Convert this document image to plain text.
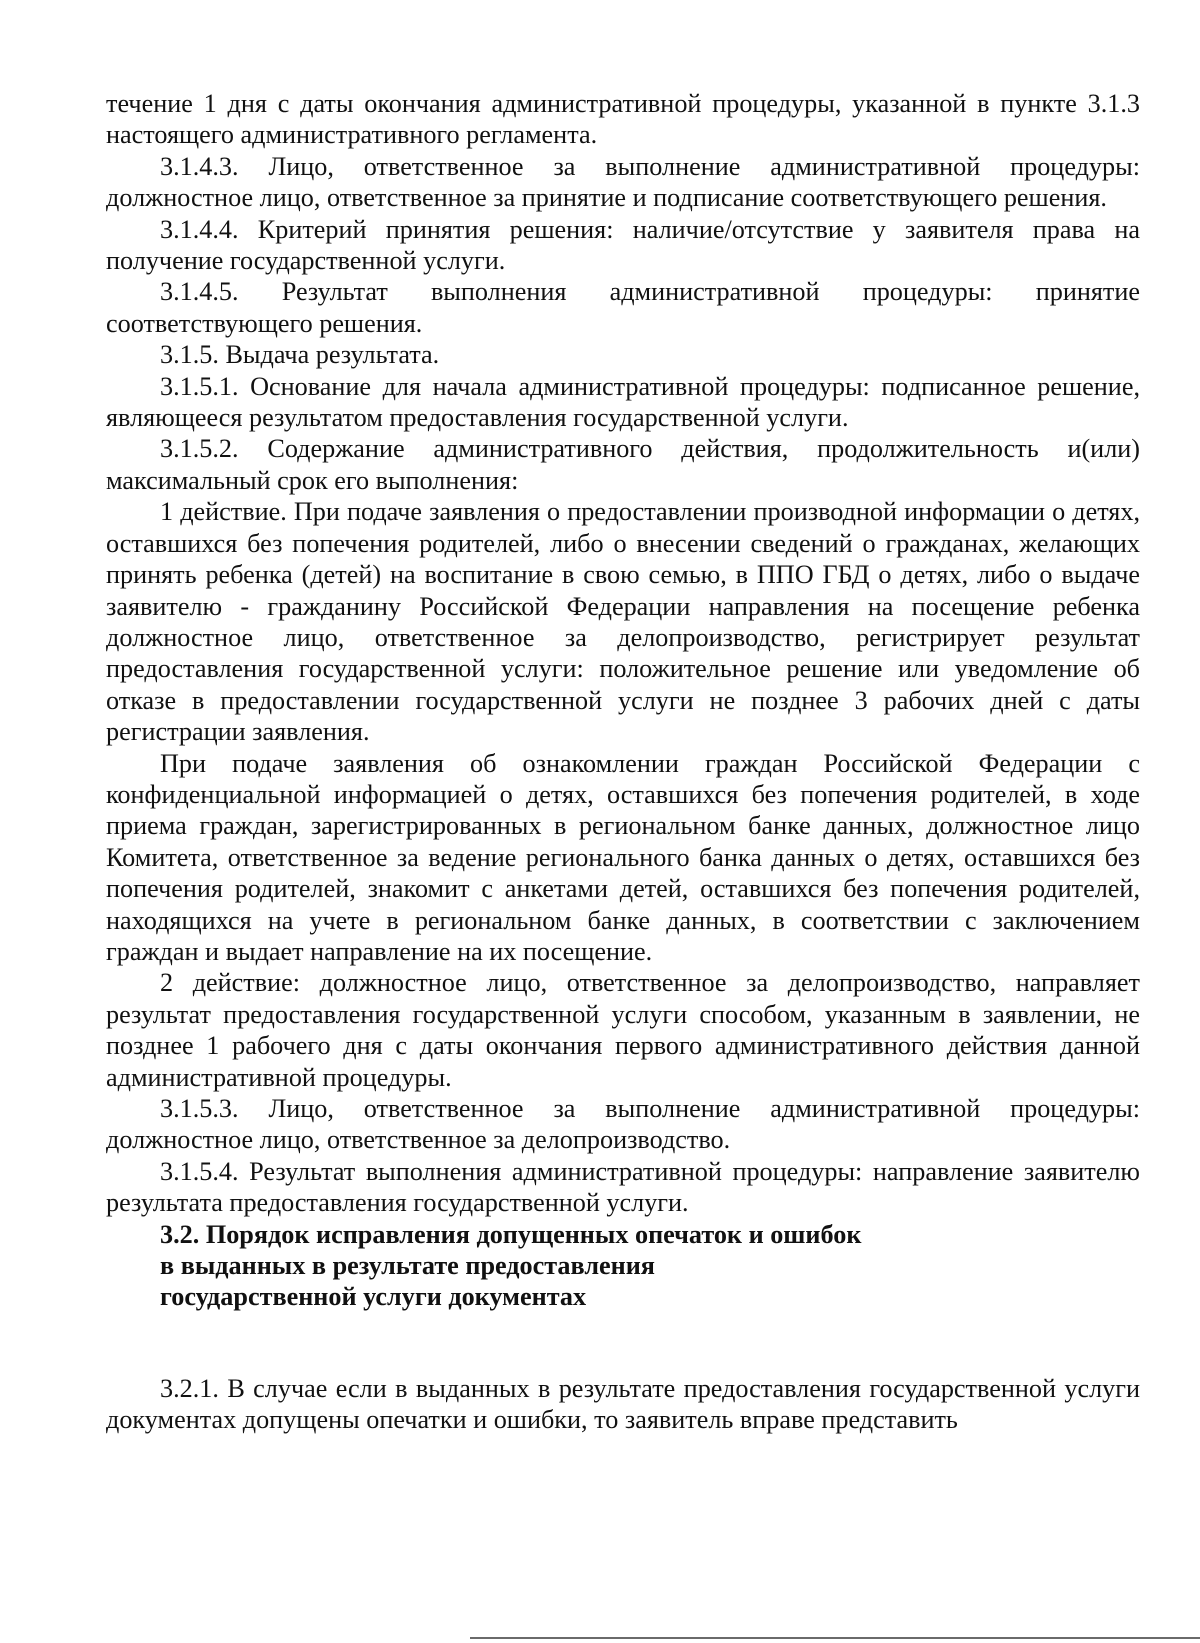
течение 1 дня с даты окончания административной процедуры, указанной в пункте 3.1.3 настоящего административного регламента.

3.1.4.3. Лицо, ответственное за выполнение административной процедуры: должностное лицо, ответственное за принятие и подписание соответствующего решения.

3.1.4.4. Критерий принятия решения: наличие/отсутствие у заявителя права на получение государственной услуги.

3.1.4.5. Результат выполнения административной процедуры: принятие соответствующего решения.

3.1.5. Выдача результата.

3.1.5.1. Основание для начала административной процедуры: подписанное решение, являющееся результатом предоставления государственной услуги.

3.1.5.2. Содержание административного действия, продолжительность и(или) максимальный срок его выполнения:

1 действие. При подаче заявления о предоставлении производной информации о детях, оставшихся без попечения родителей, либо о внесении сведений о гражданах, желающих принять ребенка (детей) на воспитание в свою семью, в ППО ГБД о детях, либо о выдаче заявителю - гражданину Российской Федерации направления на посещение ребенка должностное лицо, ответственное за делопроизводство, регистрирует результат предоставления государственной услуги: положительное решение или уведомление об отказе в предоставлении государственной услуги не позднее 3 рабочих дней с даты регистрации заявления.

При подаче заявления об ознакомлении граждан Российской Федерации с конфиденциальной информацией о детях, оставшихся без попечения родителей, в ходе приема граждан, зарегистрированных в региональном банке данных, должностное лицо Комитета, ответственное за ведение регионального банка данных о детях, оставшихся без попечения родителей, знакомит с анкетами детей, оставшихся без попечения родителей, находящихся на учете в региональном банке данных, в соответствии с заключением граждан и выдает направление на их посещение.

2 действие: должностное лицо, ответственное за делопроизводство, направляет результат предоставления государственной услуги способом, указанным в заявлении, не позднее 1 рабочего дня с даты окончания первого административного действия данной административной процедуры.

3.1.5.3. Лицо, ответственное за выполнение административной процедуры: должностное лицо, ответственное за делопроизводство.

3.1.5.4. Результат выполнения административной процедуры: направление заявителю результата предоставления государственной услуги.

3.2. Порядок исправления допущенных опечаток и ошибок
в выданных в результате предоставления
государственной услуги документах

3.2.1. В случае если в выданных в результате предоставления государственной услуги документах допущены опечатки и ошибки, то заявитель вправе представить
